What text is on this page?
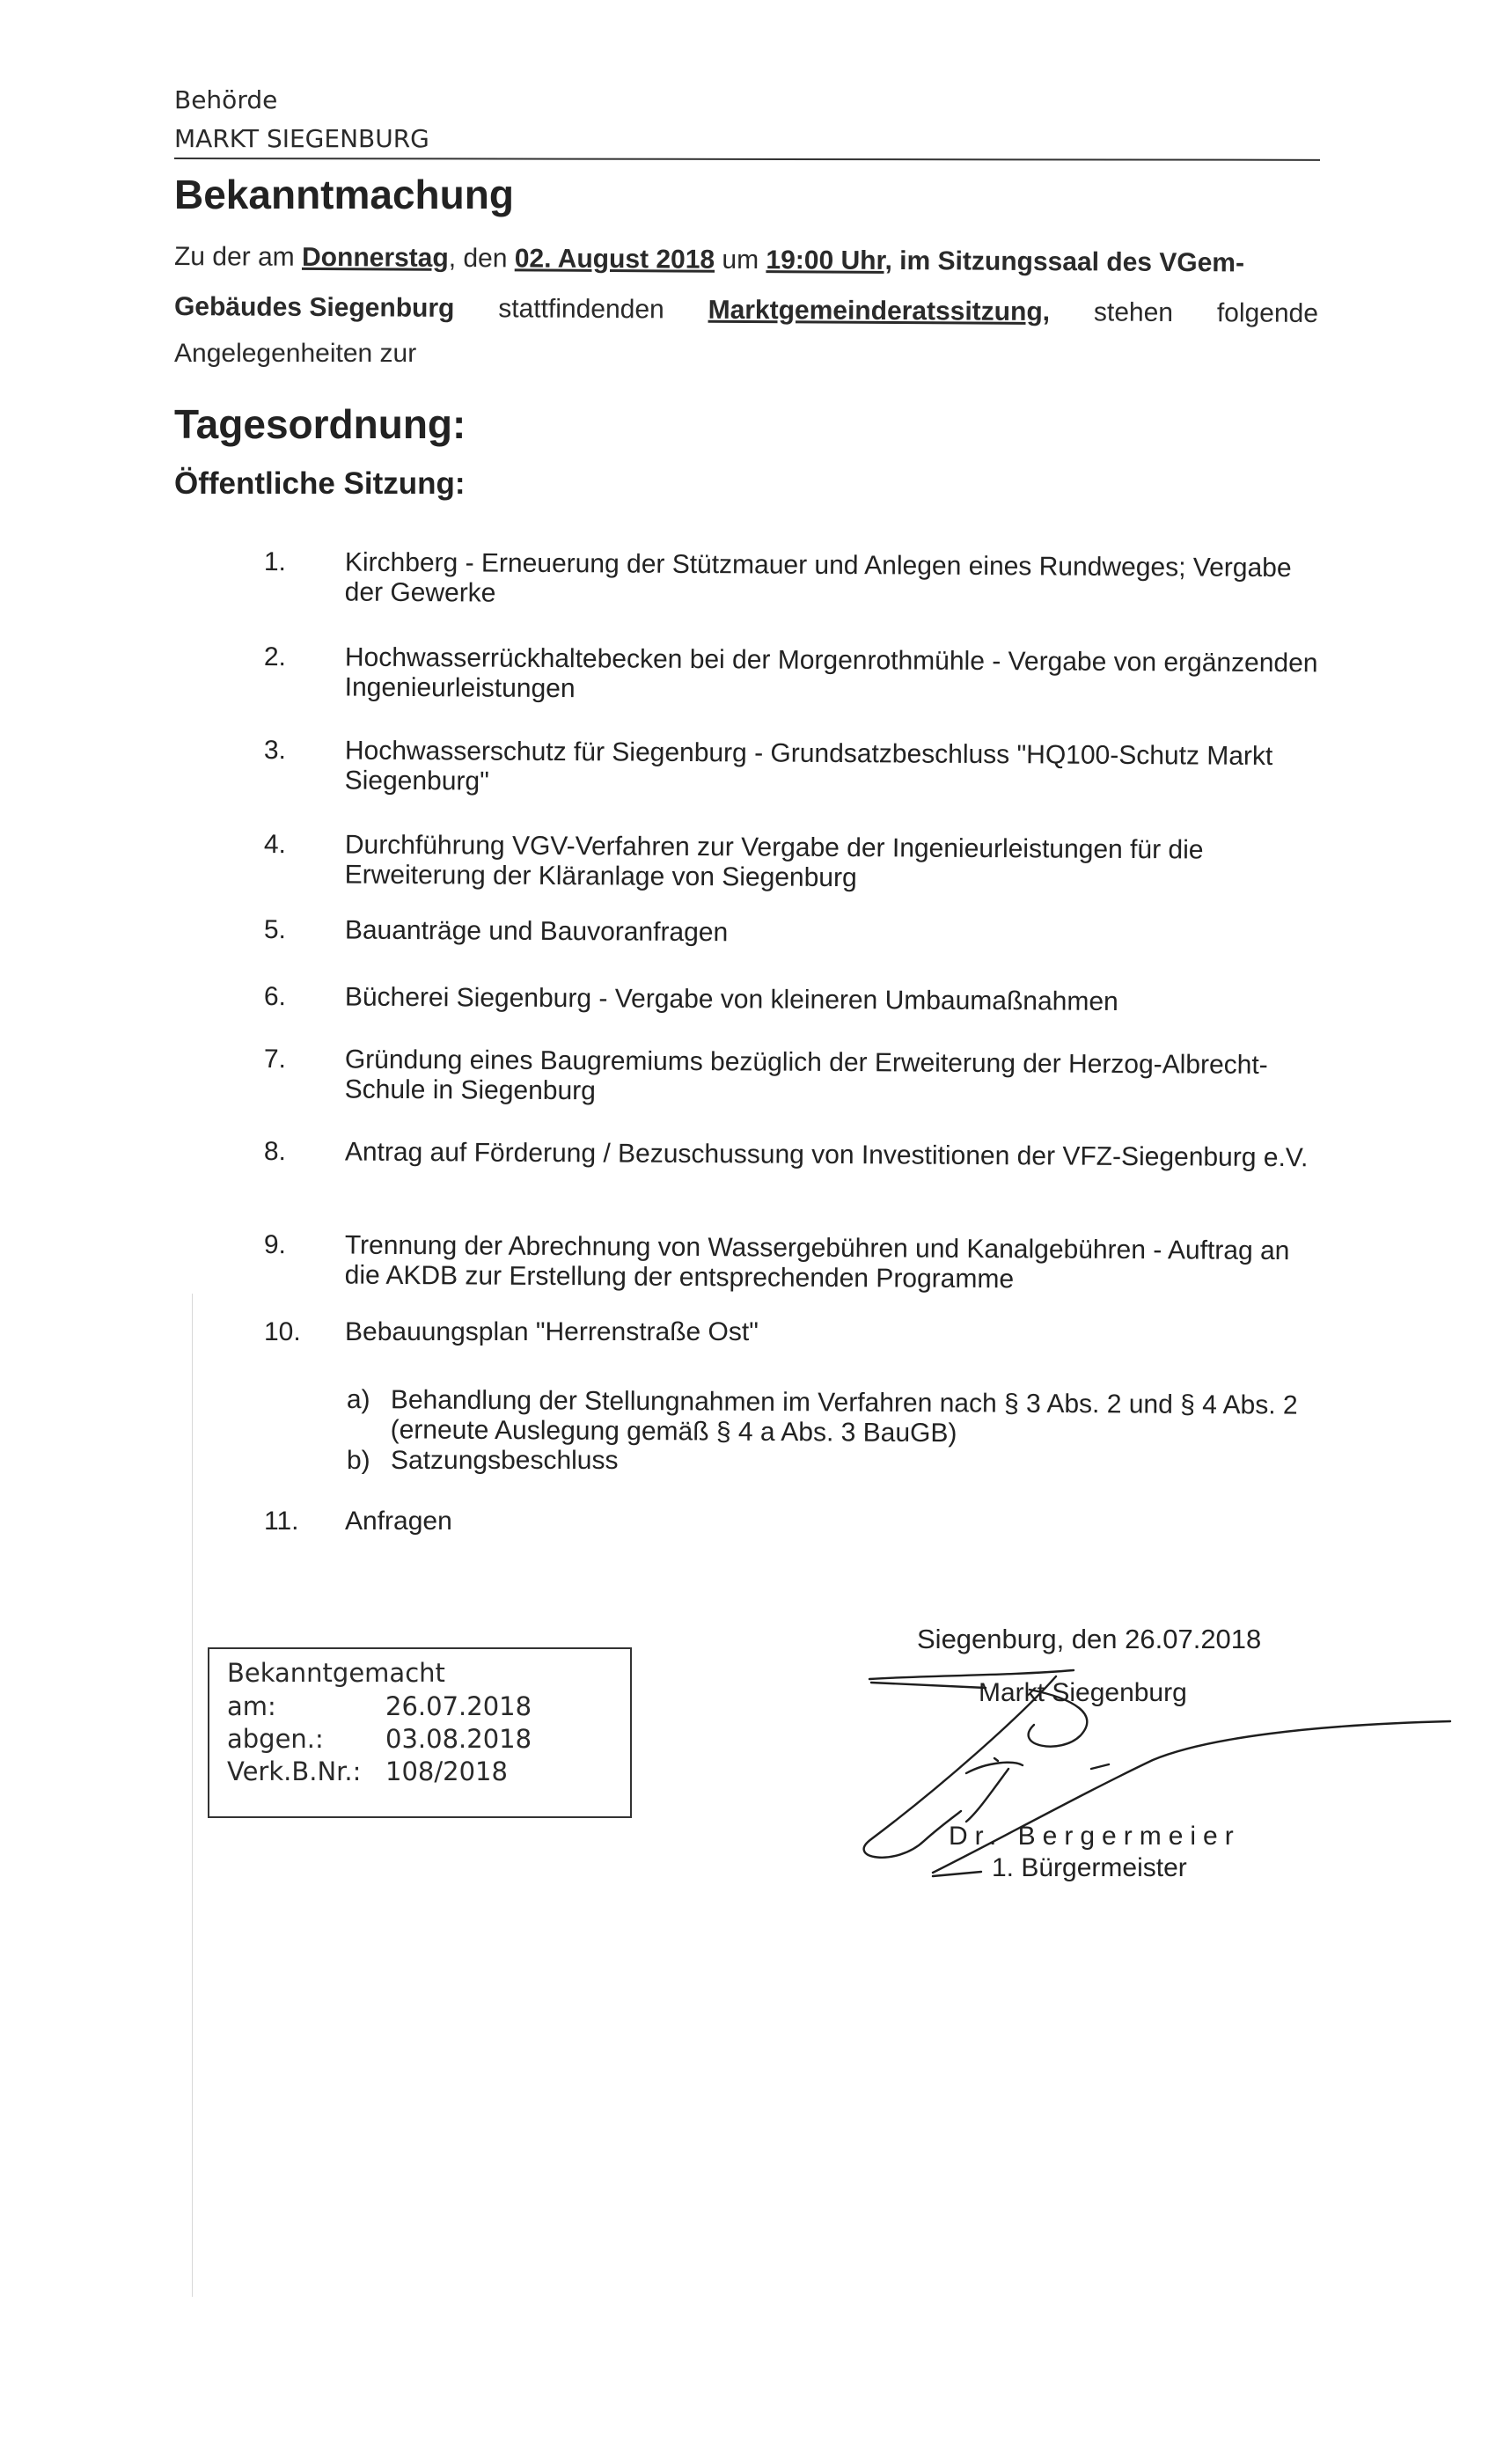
Behörde
MARKT SIEGENBURG
Bekanntmachung
Zu der am Donnerstag, den 02. August 2018 um 19:00 Uhr, im Sitzungssaal des VGem-
Gebäudes Siegenburg stattfindenden Marktgemeinderatssitzung, stehen folgende
Angelegenheiten zur
Tagesordnung:
Öffentliche Sitzung:
1.	Kirchberg - Erneuerung der Stützmauer und Anlegen eines Rundweges; Vergabe der Gewerke
2.	Hochwasserrückhaltebecken bei der Morgenrothmühle - Vergabe von ergänzenden Ingenieurleistungen
3.	Hochwasserschutz für Siegenburg - Grundsatzbeschluss "HQ100-Schutz Markt Siegenburg"
4.	Durchführung VGV-Verfahren zur Vergabe der Ingenieurleistungen für die Erweiterung der Kläranlage von Siegenburg
5.	Bauanträge und Bauvoranfragen
6.	Bücherei Siegenburg - Vergabe von kleineren Umbaumaßnahmen
7.	Gründung eines Baugremiums bezüglich der Erweiterung der Herzog-Albrecht-Schule in Siegenburg
8.	Antrag auf Förderung / Bezuschussung von Investitionen der VFZ-Siegenburg e.V.
9.	Trennung der Abrechnung von Wassergebühren und Kanalgebühren - Auftrag an die AKDB zur Erstellung der entsprechenden Programme
10.	Bebauungsplan "Herrenstraße Ost"
a) Behandlung der Stellungnahmen im Verfahren nach § 3 Abs. 2 und § 4 Abs. 2 (erneute Auslegung gemäß § 4 a Abs. 3 BauGB)
b) Satzungsbeschluss
11.	Anfragen
Bekanntgemacht
am:	26.07.2018
abgen.: 03.08.2018
Verk.B.Nr.: 108/2018
Siegenburg, den 26.07.2018
Markt Siegenburg
Dr. Bergermeier
1. Bürgermeister
